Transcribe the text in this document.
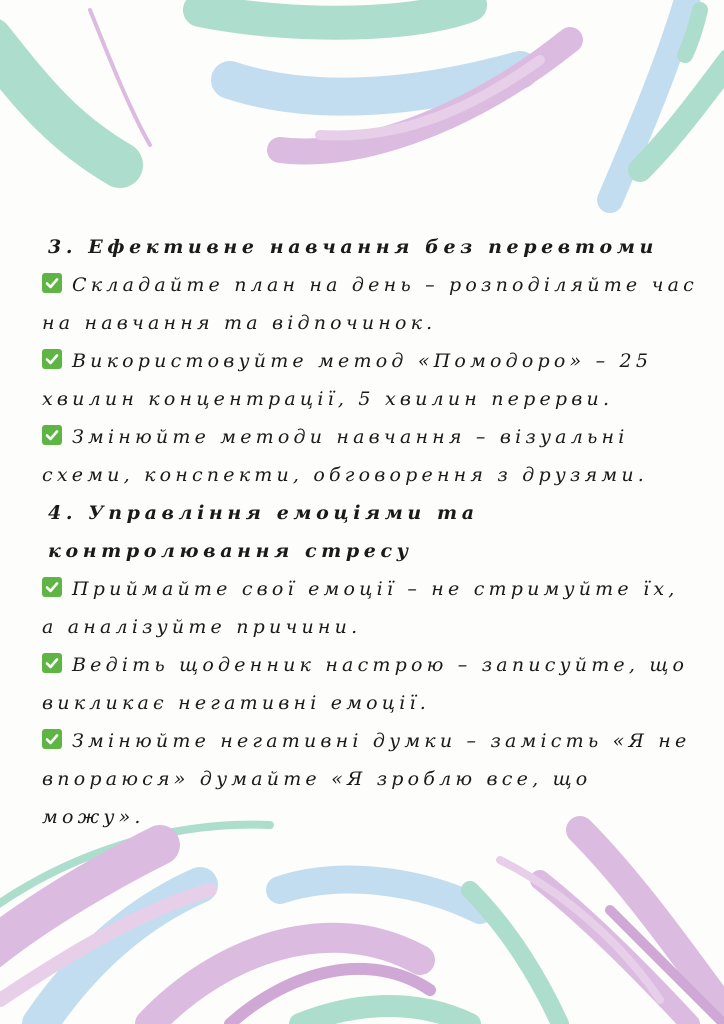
3. Ефективне навчання без перевтоми

Складайте план на день – розподіляйте час на навчання та відпочинок.

Використовуйте метод «Помодоро» – 25 хвилин концентрації, 5 хвилин перерви.

Змінюйте методи навчання – візуальні схеми, конспекти, обговорення з друзями.

4. Управління емоціями та контролювання стресу

Приймайте свої емоції – не стримуйте їх, а аналізуйте причини.

Ведіть щоденник настрою – записуйте, що викликає негативні емоції.

Змінюйте негативні думки – замість «Я не впораюся» думайте «Я зроблю все, що можу».
